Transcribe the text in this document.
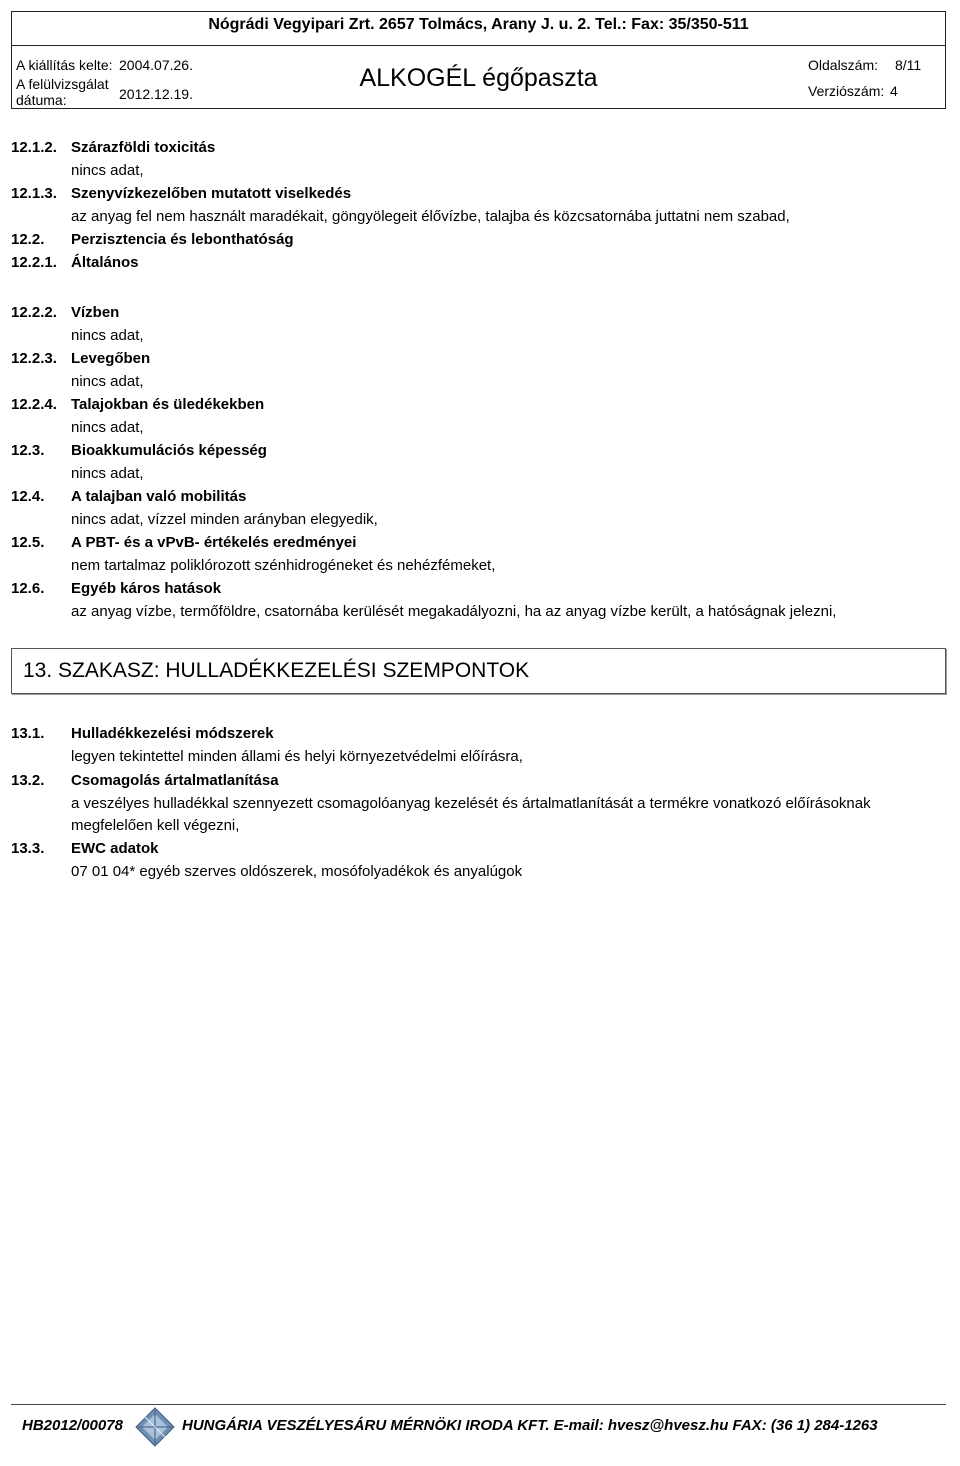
Nógrádi Vegyipari Zrt. 2657 Tolmács, Arany J. u. 2. Tel.: Fax: 35/350-511
A kiállítás kelte: 2004.07.26.
A felülvizsgálat dátuma:	2012.12.19.
ALKOGÉL égőpaszta	Oldalszám: 8/11
Verziószám: 4
12.1.2. Szárazföldi toxicitás
nincs adat,
12.1.3. Szenyvízkezelőben mutatott viselkedés
az anyag fel nem használt maradékait, göngyölegeit élővízbe, talajba és közcsatornába juttatni nem szabad,
12.2. Perzisztencia és lebonthatóság
12.2.1. Általános
12.2.2. Vízben
nincs adat,
12.2.3. Levegőben
nincs adat,
12.2.4. Talajokban és üledékekben
nincs adat,
12.3. Bioakkumulációs képesség
nincs adat,
12.4. A talajban való mobilitás
nincs adat, vízzel minden arányban elegyedik,
12.5. A PBT- és a vPvB- értékelés eredményei
nem tartalmaz poliklórozott szénhidrogéneket és nehézfémeket,
12.6. Egyéb káros hatások
az anyag vízbe, termőföldre, csatornába kerülését megakadályozni, ha az anyag vízbe került, a hatóságnak jelezni,
13. SZAKASZ: HULLADÉKKEZELÉSI SZEMPONTOK
13.1. Hulladékkezelési módszerek
legyen tekintettel minden állami és helyi környezetvédelmi előírásra,
13.2. Csomagolás ártalmatlanítása
a veszélyes hulladékkal szennyezett csomagolóanyag kezelését és ártalmatlanítását a termékre vonatkozó előírásoknak
megfelelően kell végezni,
13.3. EWC adatok
07 01 04* egyéb szerves oldószerek, mosófolyadékok és anyalúgok
HB2012/00078	HUNGÁRIA VESZÉLYESÁRU MÉRNÖKI IRODA KFT. E-mail: hvesz@hvesz.hu FAX: (36 1) 284-1263
